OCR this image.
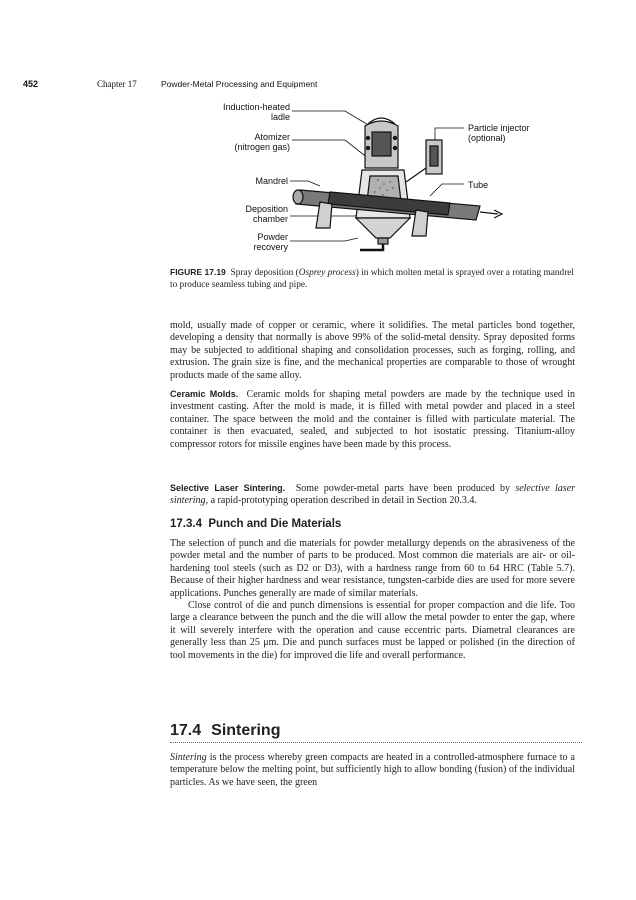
452	Chapter 17	Powder-Metal Processing and Equipment
Induction-heated
ladle
Atomizer
(nitrogen gas)
Mandrel
Deposition
chamber
Powder
recovery
Particle injector
(optional)
Tube
FIGURE 17.19 Spray deposition (Osprey process) in which molten metal is sprayed over a rotating mandrel to produce seamless tubing and pipe.

mold, usually made of copper or ceramic, where it solidifies. The metal particles bond together, developing a density that normally is above 99% of the solid-metal density. Spray deposited forms may be subjected to additional shaping and consolidation processes, such as forging, rolling, and extrusion. The grain size is fine, and the mechanical properties are comparable to those of wrought products made of the same alloy.

Ceramic Molds. Ceramic molds for shaping metal powders are made by the technique used in investment casting. After the mold is made, it is filled with metal powder and placed in a steel container. The space between the mold and the container is filled with particulate material. The container is then evacuated, sealed, and subjected to hot isostatic pressing. Titanium-alloy compressor rotors for missile engines have been made by this process.

Selective Laser Sintering. Some powder-metal parts have been produced by selective laser sintering, a rapid-prototyping operation described in detail in Section 20.3.4.

17.3.4 Punch and Die Materials

The selection of punch and die materials for powder metallurgy depends on the abrasiveness of the powder metal and the number of parts to be produced. Most common die materials are air- or oil-hardening tool steels (such as D2 or D3), with a hardness range from 60 to 64 HRC (Table 5.7). Because of their higher hardness and wear resistance, tungsten-carbide dies are used for more severe applications. Punches generally are made of similar materials.

Close control of die and punch dimensions is essential for proper compaction and die life. Too large a clearance between the punch and the die will allow the metal powder to enter the gap, where it will severely interfere with the operation and cause eccentric parts. Diametral clearances are generally less than 25 μm. Die and punch surfaces must be lapped or polished (in the direction of tool movements in the die) for improved die life and overall performance.

17.4 Sintering

Sintering is the process whereby green compacts are heated in a controlled-atmosphere furnace to a temperature below the melting point, but sufficiently high to allow bonding (fusion) of the individual particles. As we have seen, the green
